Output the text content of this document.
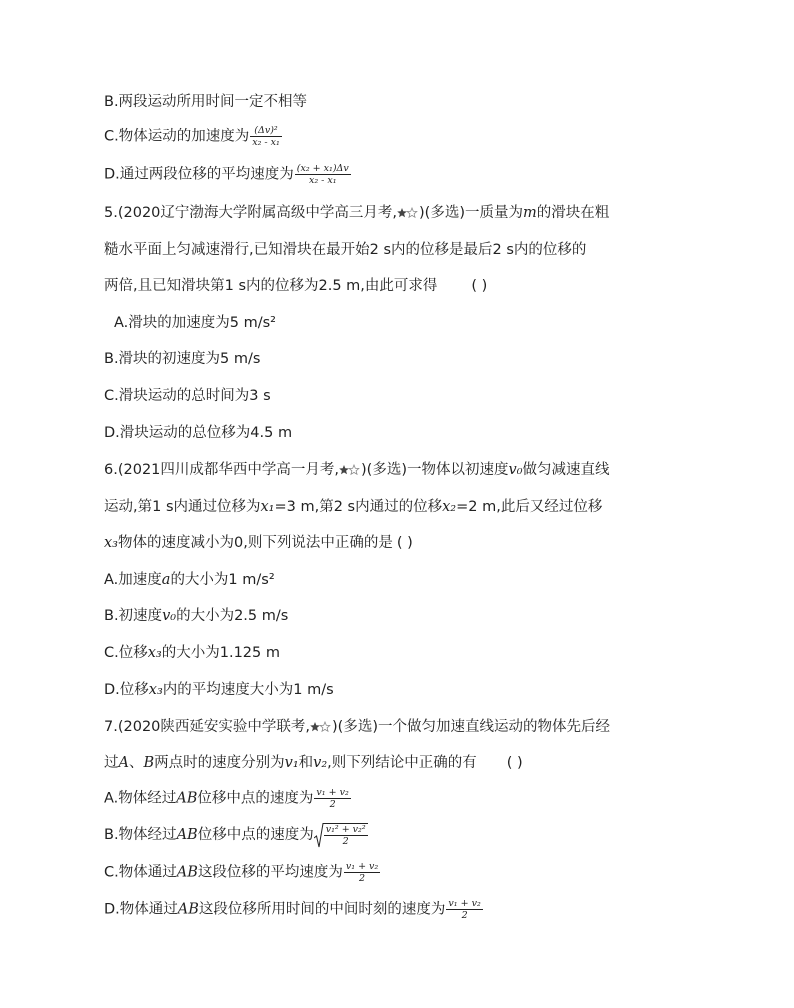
B.两段运动所用时间一定不相等
C.物体运动的加速度为 $\frac{\text{(Δv)²}}{\text{x₂ - x₁}}$
D.通过两段位移的平均速度为 $\frac{\text{(x₂ + x₁)Δv}}{\text{x₂ - x₁}}$
5.(2020辽宁渤海大学附属高级中学高三月考, )(多选)一质量为m的滑块在粗
糙水平面上匀减速滑行,已知滑块在最开始2 s内的位移是最后2 s内的位移的
两倍,且已知滑块第1 s内的位移为2.5 m,由此可求得 ( )
A.滑块的加速度为5 m/s²
B.滑块的初速度为5 m/s
C.滑块运动的总时间为3 s
D.滑块运动的总位移为4.5 m
6.(2021四川成都华西中学高一月考, )(多选)一物体以初速度v₀做匀减速直线
运动,第1 s内通过位移为x₁=3 m,第2 s内通过的位移x₂=2 m,此后又经过位移
x₃物体的速度减小为0,则下列说法中正确的是 ( )
A.加速度a的大小为1 m/s²
B.初速度v₀的大小为2.5 m/s
C.位移x₃的大小为1.125 m
D.位移x₃内的平均速度大小为1 m/s
7.(2020陕西延安实验中学联考, )(多选)一个做匀加速直线运动的物体先后经
过A、B两点时的速度分别为v₁和v₂,则下列结论中正确的有 ( )
A.物体经过AB位移中点的速度为 $\frac{\text{v₁ + v₂}}{2}$
B.物体经过AB位移中点的速度为 $\frac{\text{v₁² + v₂²}}{2}$
C.物体通过AB这段位移的平均速度为 $\frac{\text{v₁ + v₂}}{2}$
D.物体通过AB这段位移所用时间的中间时刻的速度为 $\frac{\text{v₁ + v₂}}{2}$
